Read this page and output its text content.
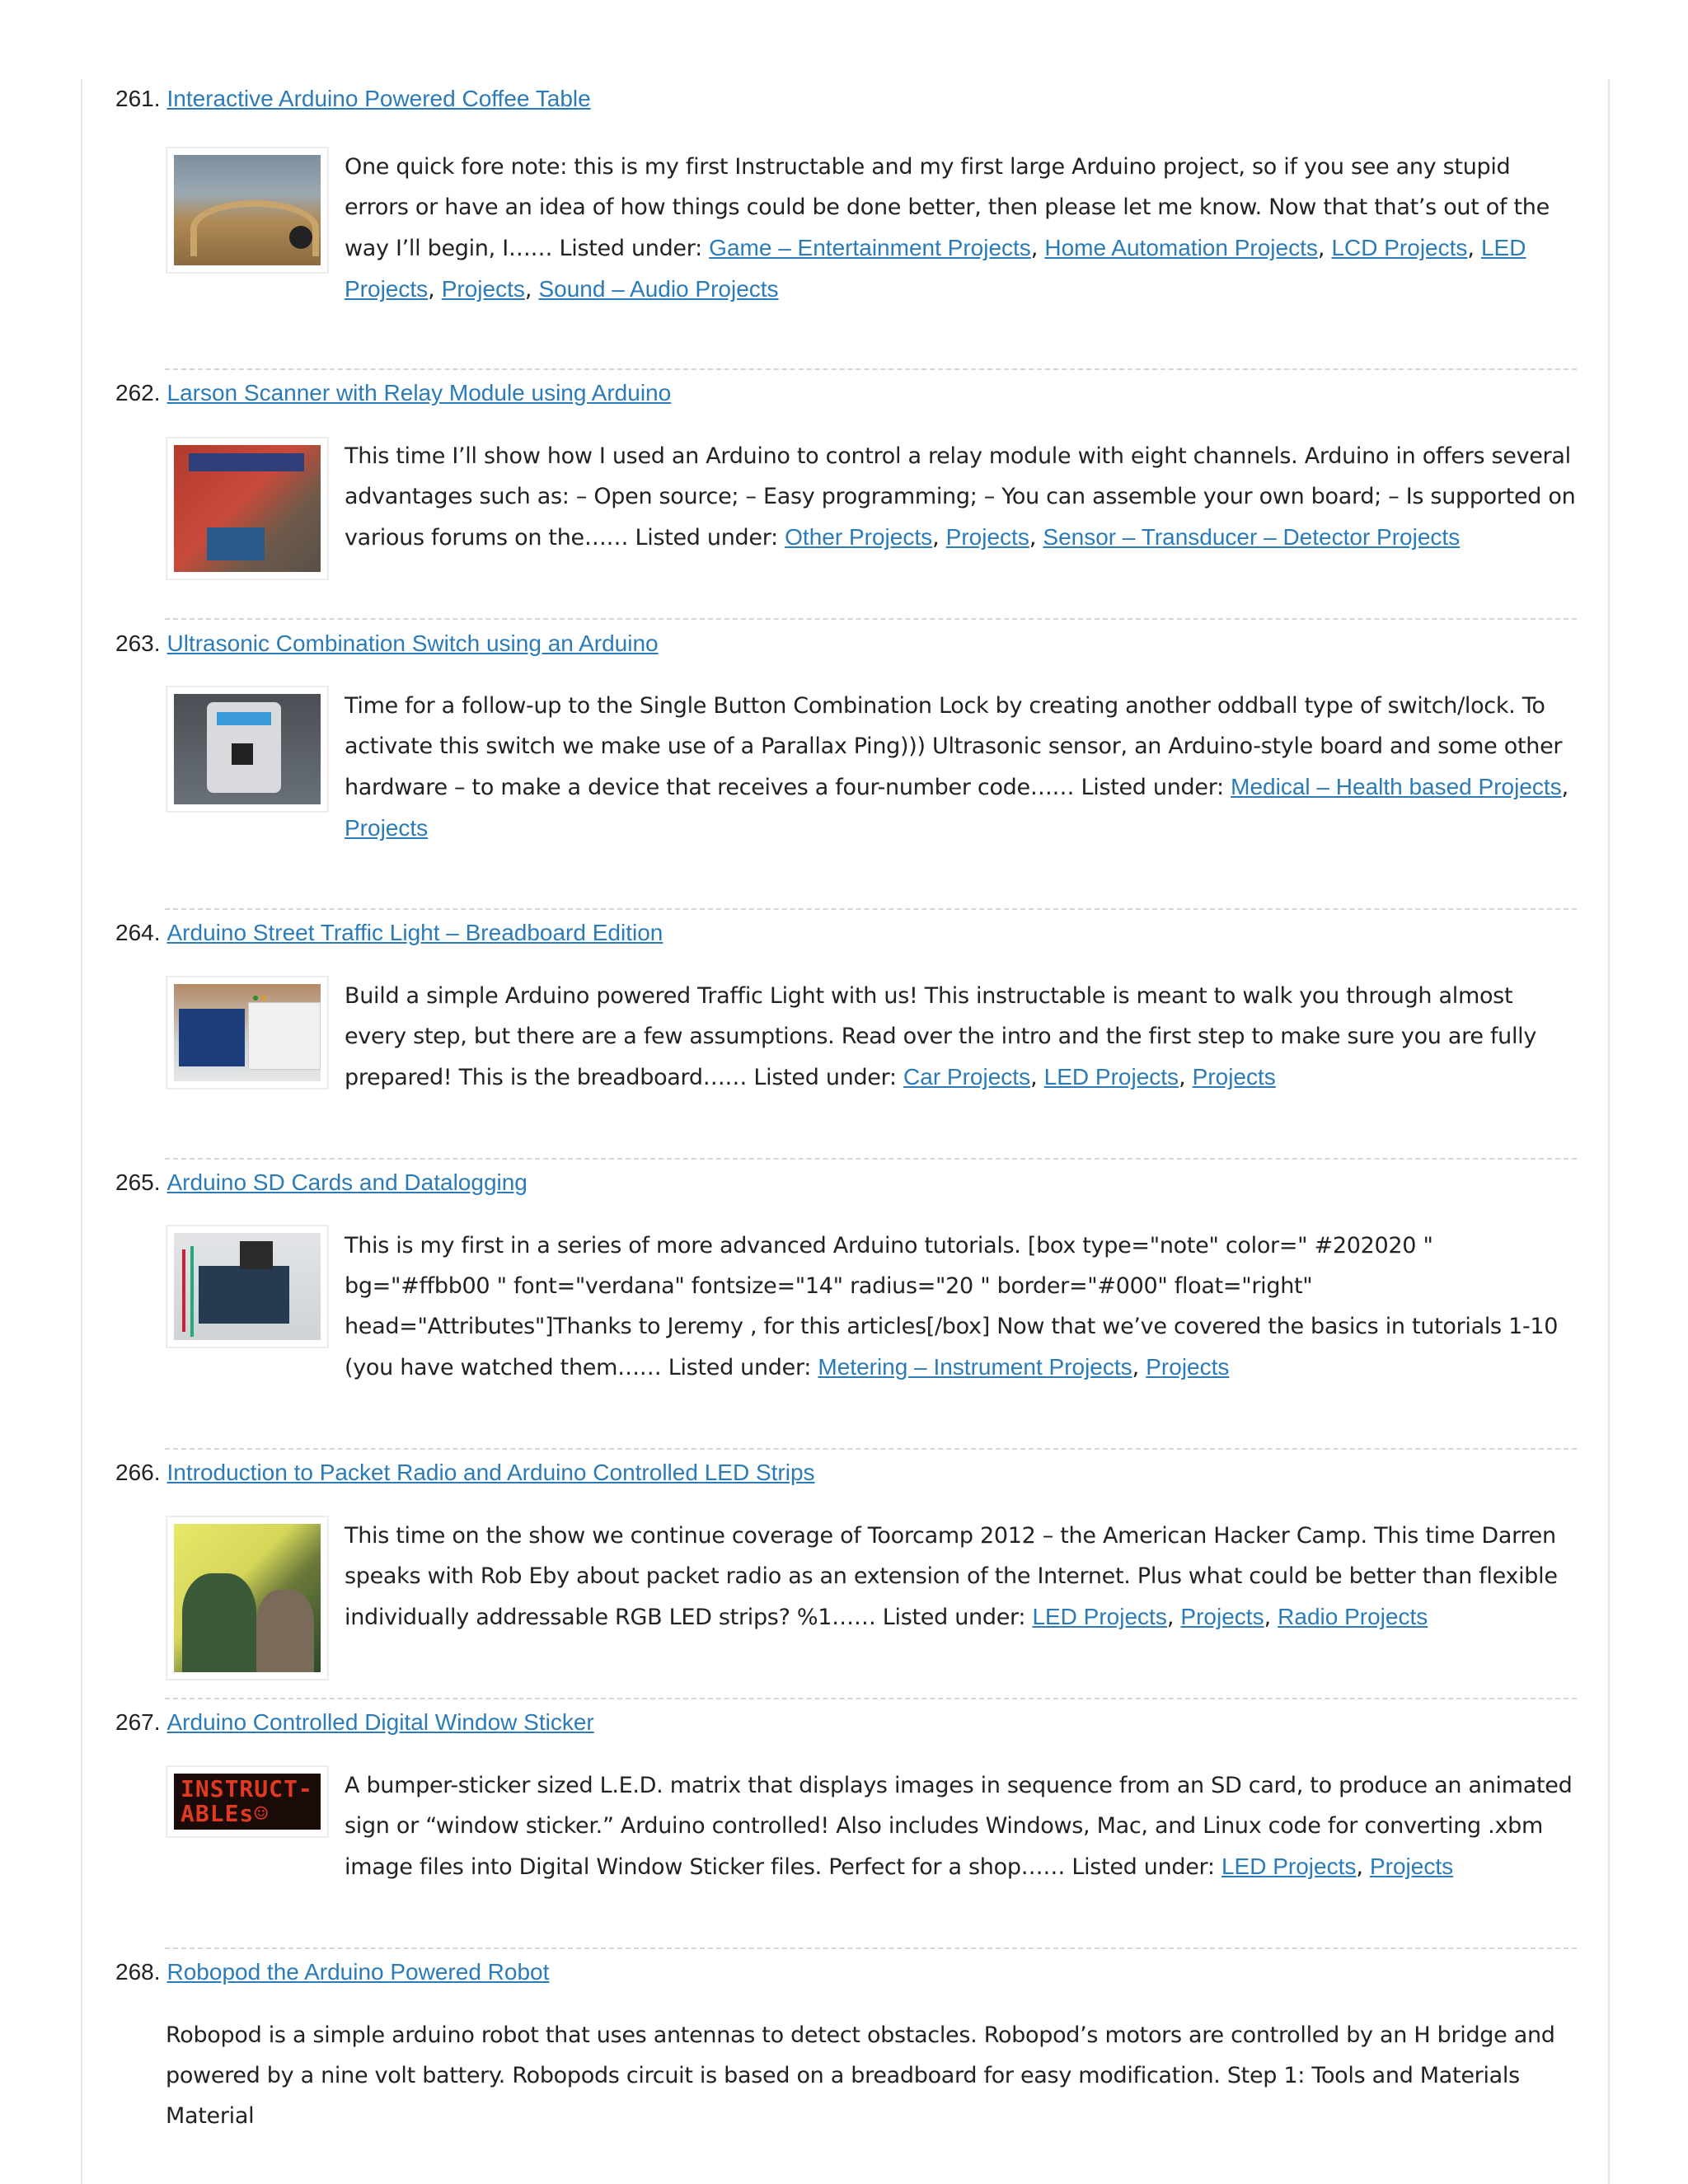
261. Interactive Arduino Powered Coffee Table
One quick fore note: this is my first Instructable and my first large Arduino project, so if you see any stupid errors or have an idea of how things could be done better, then please let me know. Now that that’s out of the way I’ll begin, I…… Listed under: Game – Entertainment Projects, Home Automation Projects, LCD Projects, LED Projects, Projects, Sound – Audio Projects
262. Larson Scanner with Relay Module using Arduino
This time I’ll show how I used an Arduino to control a relay module with eight channels. Arduino in offers several advantages such as: – Open source; – Easy programming; – You can assemble your own board; – Is supported on various forums on the…… Listed under: Other Projects, Projects, Sensor – Transducer – Detector Projects
263. Ultrasonic Combination Switch using an Arduino
Time for a follow-up to the Single Button Combination Lock by creating another oddball type of switch/lock. To activate this switch we make use of a Parallax Ping))) Ultrasonic sensor, an Arduino-style board and some other hardware – to make a device that receives a four-number code…… Listed under: Medical – Health based Projects, Projects
264. Arduino Street Traffic Light – Breadboard Edition
Build a simple Arduino powered Traffic Light with us! This instructable is meant to walk you through almost every step, but there are a few assumptions. Read over the intro and the first step to make sure you are fully prepared! This is the breadboard…… Listed under: Car Projects, LED Projects, Projects
265. Arduino SD Cards and Datalogging
This is my first in a series of more advanced Arduino tutorials. [box type="note" color=" #202020 " bg="#ffbb00 " font="verdana" fontsize="14" radius="20 " border="#000" float="right" head="Attributes"]Thanks to Jeremy , for this articles[/box] Now that we’ve covered the basics in tutorials 1-10 (you have watched them…… Listed under: Metering – Instrument Projects, Projects
266. Introduction to Packet Radio and Arduino Controlled LED Strips
This time on the show we continue coverage of Toorcamp 2012 – the American Hacker Camp. This time Darren speaks with Rob Eby about packet radio as an extension of the Internet. Plus what could be better than flexible individually addressable RGB LED strips? %1…… Listed under: LED Projects, Projects, Radio Projects
267. Arduino Controlled Digital Window Sticker
INSTRUCT-
ABLEs☺
A bumper-sticker sized L.E.D. matrix that displays images in sequence from an SD card, to produce an animated sign or “window sticker.” Arduino controlled! Also includes Windows, Mac, and Linux code for converting .xbm image files into Digital Window Sticker files. Perfect for a shop…… Listed under: LED Projects, Projects
268. Robopod the Arduino Powered Robot
Robopod is a simple arduino robot that uses antennas to detect obstacles. Robopod’s motors are controlled by an H bridge and powered by a nine volt battery. Robopods circuit is based on a breadboard for easy modification. Step 1: Tools and Materials Material
